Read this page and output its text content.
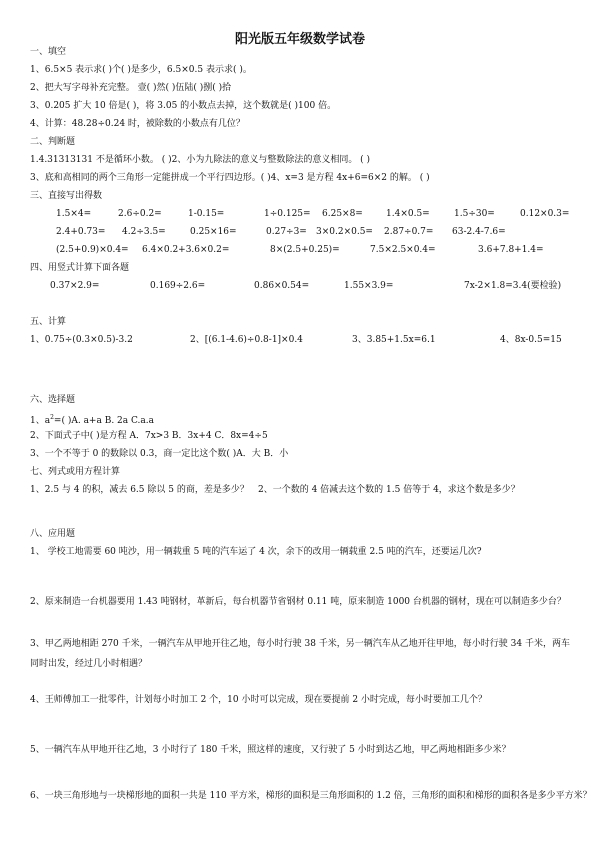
阳光版五年级数学试卷
一、填空
1、6.5×5 表示求( )个( )是多少，6.5×0.5 表示求( )。
2、把大写字母补充完整。 壹( )然( )伍陆( )捌( )拾
3、0.205 扩大 10 倍是( )，将 3.05 的小数点去掉，这个数就是( )100 倍。
4、计算：48.28÷0.24 时，被除数的小数点有几位？
二、判断题
1.4.31313131 不是循环小数。 ( )2、小为九除法的意义与整数除法的意义相同。 ( )
3、底和高相同的两个三角形一定能拼成一个平行四边形。( )4、x=3 是方程 4x+6=6×2 的解。 ( )
三、直接写出得数
1.5×4=	2.6÷0.2=	1-0.15=	1÷0.125= 6.25×8=	1.4×0.5=	1.5÷30=	0.12×0.3=
2.4+0.73= 4.2÷3.5=	0.25×16=	0.27÷3= 3×0.2×0.5= 2.87÷0.7= 63-2.4-7.6=
(2.5+0.9)×0.4= 6.4×0.2+3.6×0.2=	8×(2.5+0.25)=	7.5×2.5×0.4=	3.6+7.8+1.4=
四、用竖式计算下面各题
0.37×2.9=	0.169÷2.6=	0.86×0.54=	1.55×3.9=	7x-2×1.8=3.4(要检验)
五、计算
1、0.75÷(0.3×0.5)-3.2	2、[(6.1-4.6)÷0.8-1]×0.4	3、3.85+1.5x=6.1	4、8x-0.5=15
六、选择题
1、$a^2=$( )A. a+a B. 2a C.a.a
2、下面式子中( )是方程 A．7x>3 B．3x+4 C．8x=4÷5
3、一个不等于 0 的数除以 0.3，商一定比这个数( )A．大 B．小
七、列式或用方程计算
1、2.5 与 4 的积，减去 6.5 除以 5 的商，差是多少？ 2、一个数的 4 倍减去这个数的 1.5 倍等于 4，求这个数是多少？
八、应用题
1、 学校工地需要 60 吨沙，用一辆载重 5 吨的汽车运了 4 次，余下的改用一辆载重 2.5 吨的汽车，还要运几次?
2、原来制造一台机器要用 1.43 吨钢材，革新后，每台机器节省钢材 0.11 吨，原来制造 1000 台机器的钢材，现在可以制造多少台？
3、甲乙两地相距 270 千米，一辆汽车从甲地开往乙地，每小时行驶 38 千米，另一辆汽车从乙地开往甲地，每小时行驶 34 千米，两车同时出发，经过几小时相遇？
4、王师傅加工一批零件，计划每小时加工 2 个，10 小时可以完成，现在要提前 2 小时完成，每小时要加工几个？
5、一辆汽车从甲地开往乙地，3 小时行了 180 千米，照这样的速度，又行驶了 5 小时到达乙地，甲乙两地相距多少米？
6、一块三角形地与一块梯形地的面积一共是 110 平方米，梯形的面积是三角形面积的 1.2 倍，三角形的面积和梯形的面积各是多少平方米？
